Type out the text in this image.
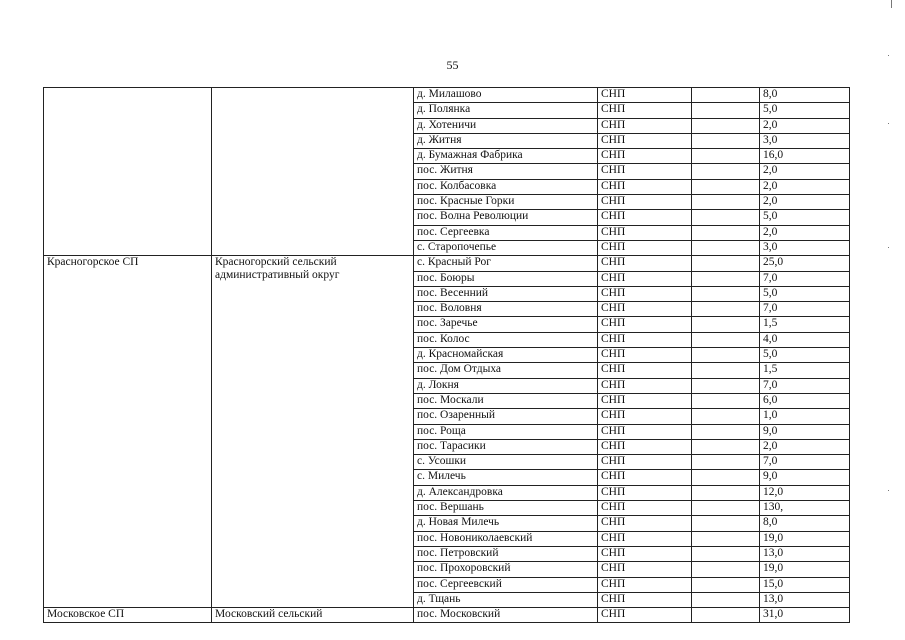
55
		д. Милашово	СНП		8,0
		д. Полянка	СНП		5,0
		д. Хотеничи	СНП		2,0
		д. Житня	СНП		3,0
		д. Бумажная Фабрика	СНП		16,0
		пос. Житня	СНП		2,0
		пос. Колбасовка	СНП		2,0
		пос. Красные Горки	СНП		2,0
		пос. Волна Революции	СНП		5,0
		пос. Сергеевка	СНП		2,0
		с. Старопочепье	СНП		3,0
Красногорское СП	Красногорский сельский административный округ	с. Красный Рог	СНП		25,0
		пос. Боюры	СНП		7,0
		пос. Весенний	СНП		5,0
		пос. Воловня	СНП		7,0
		пос. Заречье	СНП		1,5
		пос. Колос	СНП		4,0
		д. Красномайская	СНП		5,0
		пос. Дом Отдыха	СНП		1,5
		д. Локня	СНП		7,0
		пос. Москали	СНП		6,0
		пос. Озаренный	СНП		1,0
		пос. Роща	СНП		9,0
		пос. Тарасики	СНП		2,0
		с. Усошки	СНП		7,0
		с. Милечь	СНП		9,0
		д. Александровка	СНП		12,0
		пос. Вершань	СНП		130,
		д. Новая Милечь	СНП		8,0
		пос. Новониколаевский	СНП		19,0
		пос. Петровский	СНП		13,0
		пос. Прохоровский	СНП		19,0
		пос. Сергеевский	СНП		15,0
		д. Тщань	СНП		13,0
Московское СП	Московский сельский	пос. Московский	СНП		31,0
